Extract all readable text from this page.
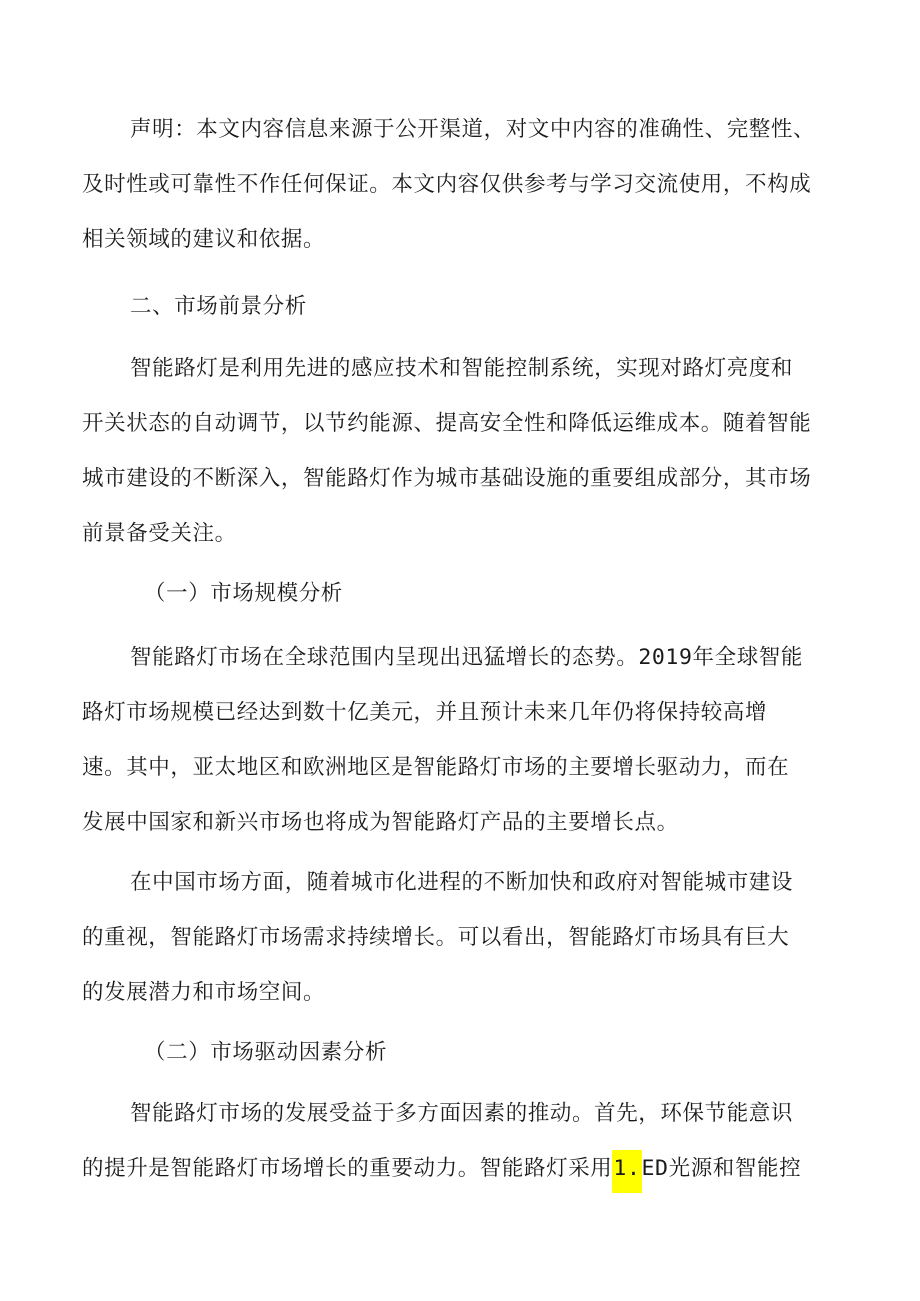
声明：本文内容信息来源于公开渠道，对文中内容的准确性、完整性、
及时性或可靠性不作任何保证。本文内容仅供参考与学习交流使用，不构成
相关领域的建议和依据。

二、市场前景分析

智能路灯是利用先进的感应技术和智能控制系统，实现对路灯亮度和
开关状态的自动调节，以节约能源、提高安全性和降低运维成本。随着智能
城市建设的不断深入，智能路灯作为城市基础设施的重要组成部分，其市场
前景备受关注。

（一）市场规模分析

智能路灯市场在全球范围内呈现出迅猛增长的态势。2019年全球智能
路灯市场规模已经达到数十亿美元，并且预计未来几年仍将保持较高增
速。其中，亚太地区和欧洲地区是智能路灯市场的主要增长驱动力，而在
发展中国家和新兴市场也将成为智能路灯产品的主要增长点。

在中国市场方面，随着城市化进程的不断加快和政府对智能城市建设
的重视，智能路灯市场需求持续增长。可以看出，智能路灯市场具有巨大
的发展潜力和市场空间。

（二）市场驱动因素分析

智能路灯市场的发展受益于多方面因素的推动。首先，环保节能意识
的提升是智能路灯市场增长的重要动力。智能路灯采用1.ED光源和智能控
